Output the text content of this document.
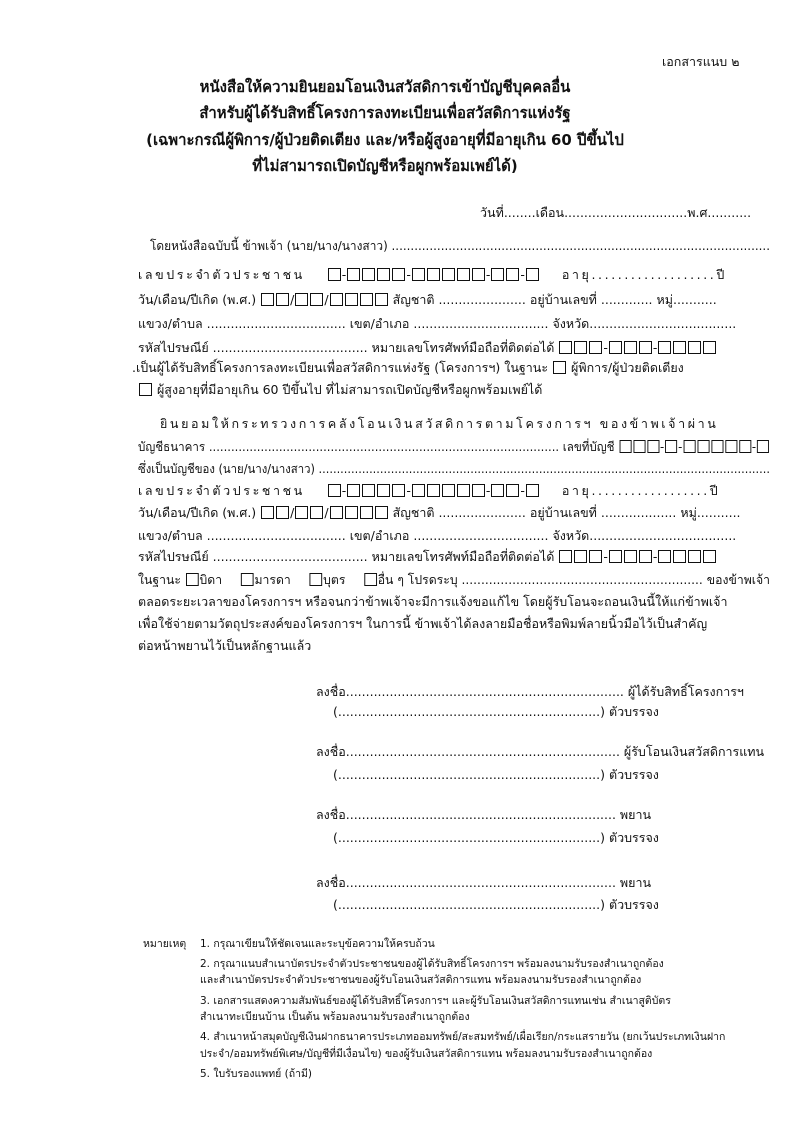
เอกสารแนบ ๒
หนังสือให้ความยินยอมโอนเงินสวัสดิการเข้าบัญชีบุคคลอื่น
สำหรับผู้ได้รับสิทธิ์โครงการลงทะเบียนเพื่อสวัสดิการแห่งรัฐ
(เฉพาะกรณีผู้พิการ/ผู้ป่วยติดเตียง และ/หรือผู้สูงอายุที่มีอายุเกิน 60 ปีขึ้นไป
ที่ไม่สามารถเปิดบัญชีหรือผูกพร้อมเพย์ได้)
วันที่........เดือน...............................พ.ศ...........
โดยหนังสือฉบับนี้ ข้าพเจ้า (นาย/นาง/นางสาว) ....................................................................................................
เลขประจำตัวประชาชน	-	-	- -	อายุ...................ปี
วัน/เดือน/ปีเกิด (พ.ศ.)	/ /	สัญชาติ ...................... อยู่บ้านเลขที่ ............. หมู่...........
แขวง/ตำบล ................................... เขต/อำเภอ .................................. จังหวัด.....................................
รหัสไปรษณีย์ ....................................... หมายเลขโทรศัพท์มือถือที่ติดต่อได้	-	-
.เป็นผู้ได้รับสิทธิ์โครงการลงทะเบียนเพื่อสวัสดิการแห่งรัฐ (โครงการฯ) ในฐานะ ผู้พิการ/ผู้ป่วยติดเตียง
ผู้สูงอายุที่มีอายุเกิน 60 ปีขึ้นไป ที่ไม่สามารถเปิดบัญชีหรือผูกพร้อมเพย์ได้
ยินยอมให้กระทรวงการคลังโอนเงินสวัสดิการตามโครงการฯ ของข้าพเจ้าผ่าน
บัญชีธนาคาร ............................................................................................... เลขที่บัญชี	- -	-
ซึ่งเป็นบัญชีของ (นาย/นาง/นางสาว) .............................................................................................................................
เลขประจำตัวประชาชน	-	-	- -	อายุ..................ปี
วัน/เดือน/ปีเกิด (พ.ศ.)	/ /	สัญชาติ ...................... อยู่บ้านเลขที่ ................... หมู่...........
แขวง/ตำบล ................................... เขต/อำเภอ .................................. จังหวัด.....................................
รหัสไปรษณีย์ ....................................... หมายเลขโทรศัพท์มือถือที่ติดต่อได้	-	-
ในฐานะ บิดา	มารดา	บุตร	อื่น ๆ โปรดระบุ .............................................................. ของข้าพเจ้า
ตลอดระยะเวลาของโครงการฯ หรือจนกว่าข้าพเจ้าจะมีการแจ้งขอแก้ไข โดยผู้รับโอนจะถอนเงินนี้ให้แก่ข้าพเจ้า
เพื่อใช้จ่ายตามวัตถุประสงค์ของโครงการฯ ในการนี้ ข้าพเจ้าได้ลงลายมือชื่อหรือพิมพ์ลายนิ้วมือไว้เป็นสำคัญ
ต่อหน้าพยานไว้เป็นหลักฐานแล้ว
ลงชื่อ...................................................................... ผู้ได้รับสิทธิ์โครงการฯ
(..................................................................) ตัวบรรจง
ลงชื่อ..................................................................... ผู้รับโอนเงินสวัสดิการแทน
(..................................................................) ตัวบรรจง
ลงชื่อ.................................................................... พยาน
(..................................................................) ตัวบรรจง
ลงชื่อ.................................................................... พยาน
(..................................................................) ตัวบรรจง
หมายเหตุ 1. กรุณาเขียนให้ชัดเจนและระบุข้อความให้ครบถ้วน
2. กรุณาแนบสำเนาบัตรประจำตัวประชาชนของผู้ได้รับสิทธิ์โครงการฯ พร้อมลงนามรับรองสำเนาถูกต้อง
และสำเนาบัตรประจำตัวประชาชนของผู้รับโอนเงินสวัสดิการแทน พร้อมลงนามรับรองสำเนาถูกต้อง
3. เอกสารแสดงความสัมพันธ์ของผู้ได้รับสิทธิ์โครงการฯ และผู้รับโอนเงินสวัสดิการแทนเช่น สำเนาสูติบัตร
สำเนาทะเบียนบ้าน เป็นต้น พร้อมลงนามรับรองสำเนาถูกต้อง
4. สำเนาหน้าสมุดบัญชีเงินฝากธนาคารประเภทออมทรัพย์/สะสมทรัพย์/เผื่อเรียก/กระแสรายวัน (ยกเว้นประเภทเงินฝาก
ประจำ/ออมทรัพย์พิเศษ/บัญชีที่มีเงื่อนไข) ของผู้รับเงินสวัสดิการแทน พร้อมลงนามรับรองสำเนาถูกต้อง
5. ใบรับรองแพทย์ (ถ้ามี)
